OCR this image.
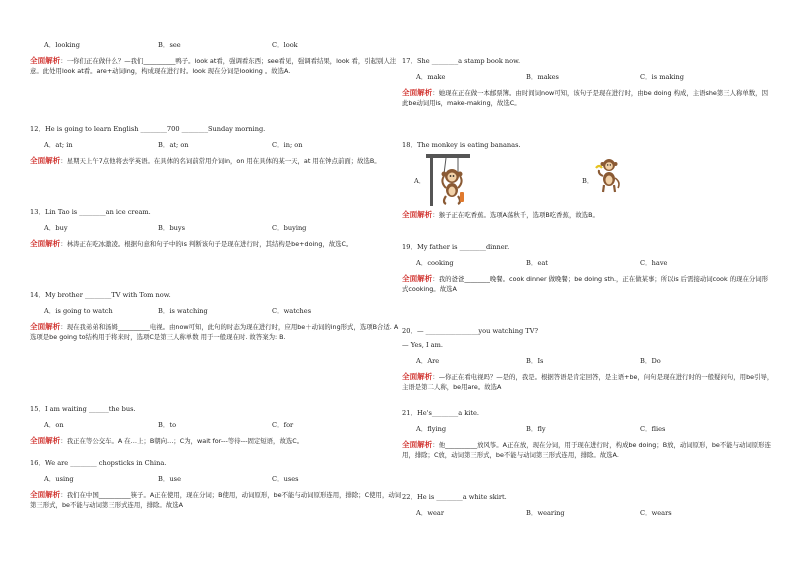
A．looking	B．see	C．look
全面解析：一你们正在做什么？—我们__________鸭子。look at看，强调看东西；see看见，强调看结果，look 看，引起别人注意。此处用look at看。are+动词ing，构成现在进行时。look 现在分词是looking 。故选A.
12．He is going to learn English ________700 ________Sunday morning.
A．at; in	B．at; on	C．in; on
全面解析：星期天上午7点他将去学英语。在具体的名词前常用介词in，on 用在具体的某一天，at 用在钟点前面；故选B。
13．Lin Tao is ________an ice cream.
A．buy	B．buys	C．buying
全面解析：林涛正在吃冰激凌。根据句意和句子中的is 判断该句子是现在进行时，其结构是be+doing，故选C。
14．My brother ________TV with Tom now.
A．is going to watch	B．is watching	C．watches
全面解析：现在我弟弟和汤姆__________电视。由now可知，此句的时态为现在进行时，应用be＋动词的ing形式，选项B合适. A选项是be going to结构用于将来时，选项C是第三人称单数 用于一般现在时. 故答案为: B.
15．I am waiting ______the bus.
A．on	B．to	C．for
全面解析：我正在等公交车。A 在…上；B朝向…；C为，wait for---等待---固定短语，故选C。
16．We are ________ chopsticks in China.
A．using	B．use	C．uses
全面解析：我们在中国__________筷子。A正在使用，现在分词；B使用，动词原形，be不能与动词原形连用，排除；C使用，动词第三形式，be不能与动词第三形式连用，排除。故选A
17．She ________a stamp book now.
A．make	B．makes	C．is making
全面解析：她现在正在做一本邮票簿。由时间词now可知，该句子是现在进行时，由be doing 构成，主语she第三人称单数，因此be动词用is，make-making，故选C。
18．The monkey is eating bananas.
A．	B．
全面解析：猴子正在吃香蕉。选项A荡秋千，选项B吃香蕉，故选B。
19．My father is ________dinner.
A．cooking	B．eat	C．have
全面解析：我的爸爸________晚餐。cook dinner 做晚餐；be doing sth.，正在做某事；所以is 后需接动词cook 的现在分词形式cooking。故选A
20．— ________________you watching TV?
— Yes, I am.
A．Are	B．Is	B．Do
全面解析：—你正在看电视吗？—是的，我是。根据答语是肯定回答，是主语+be，问句是现在进行时的一般疑问句，用be引导，主语是第二人称，be用are。故选A
21．He's________a kite.
A．flying	B．fly	C．flies
全面解析：他__________放风筝。A正在放，现在分词，用于现在进行时，构成be doing；B放，动词原形，be不能与动词原形连用，排除；C放，动词第三形式，be不能与动词第三形式连用，排除。故选A.
22．He is ________a white skirt.
A．wear	B．wearing	C．wears
